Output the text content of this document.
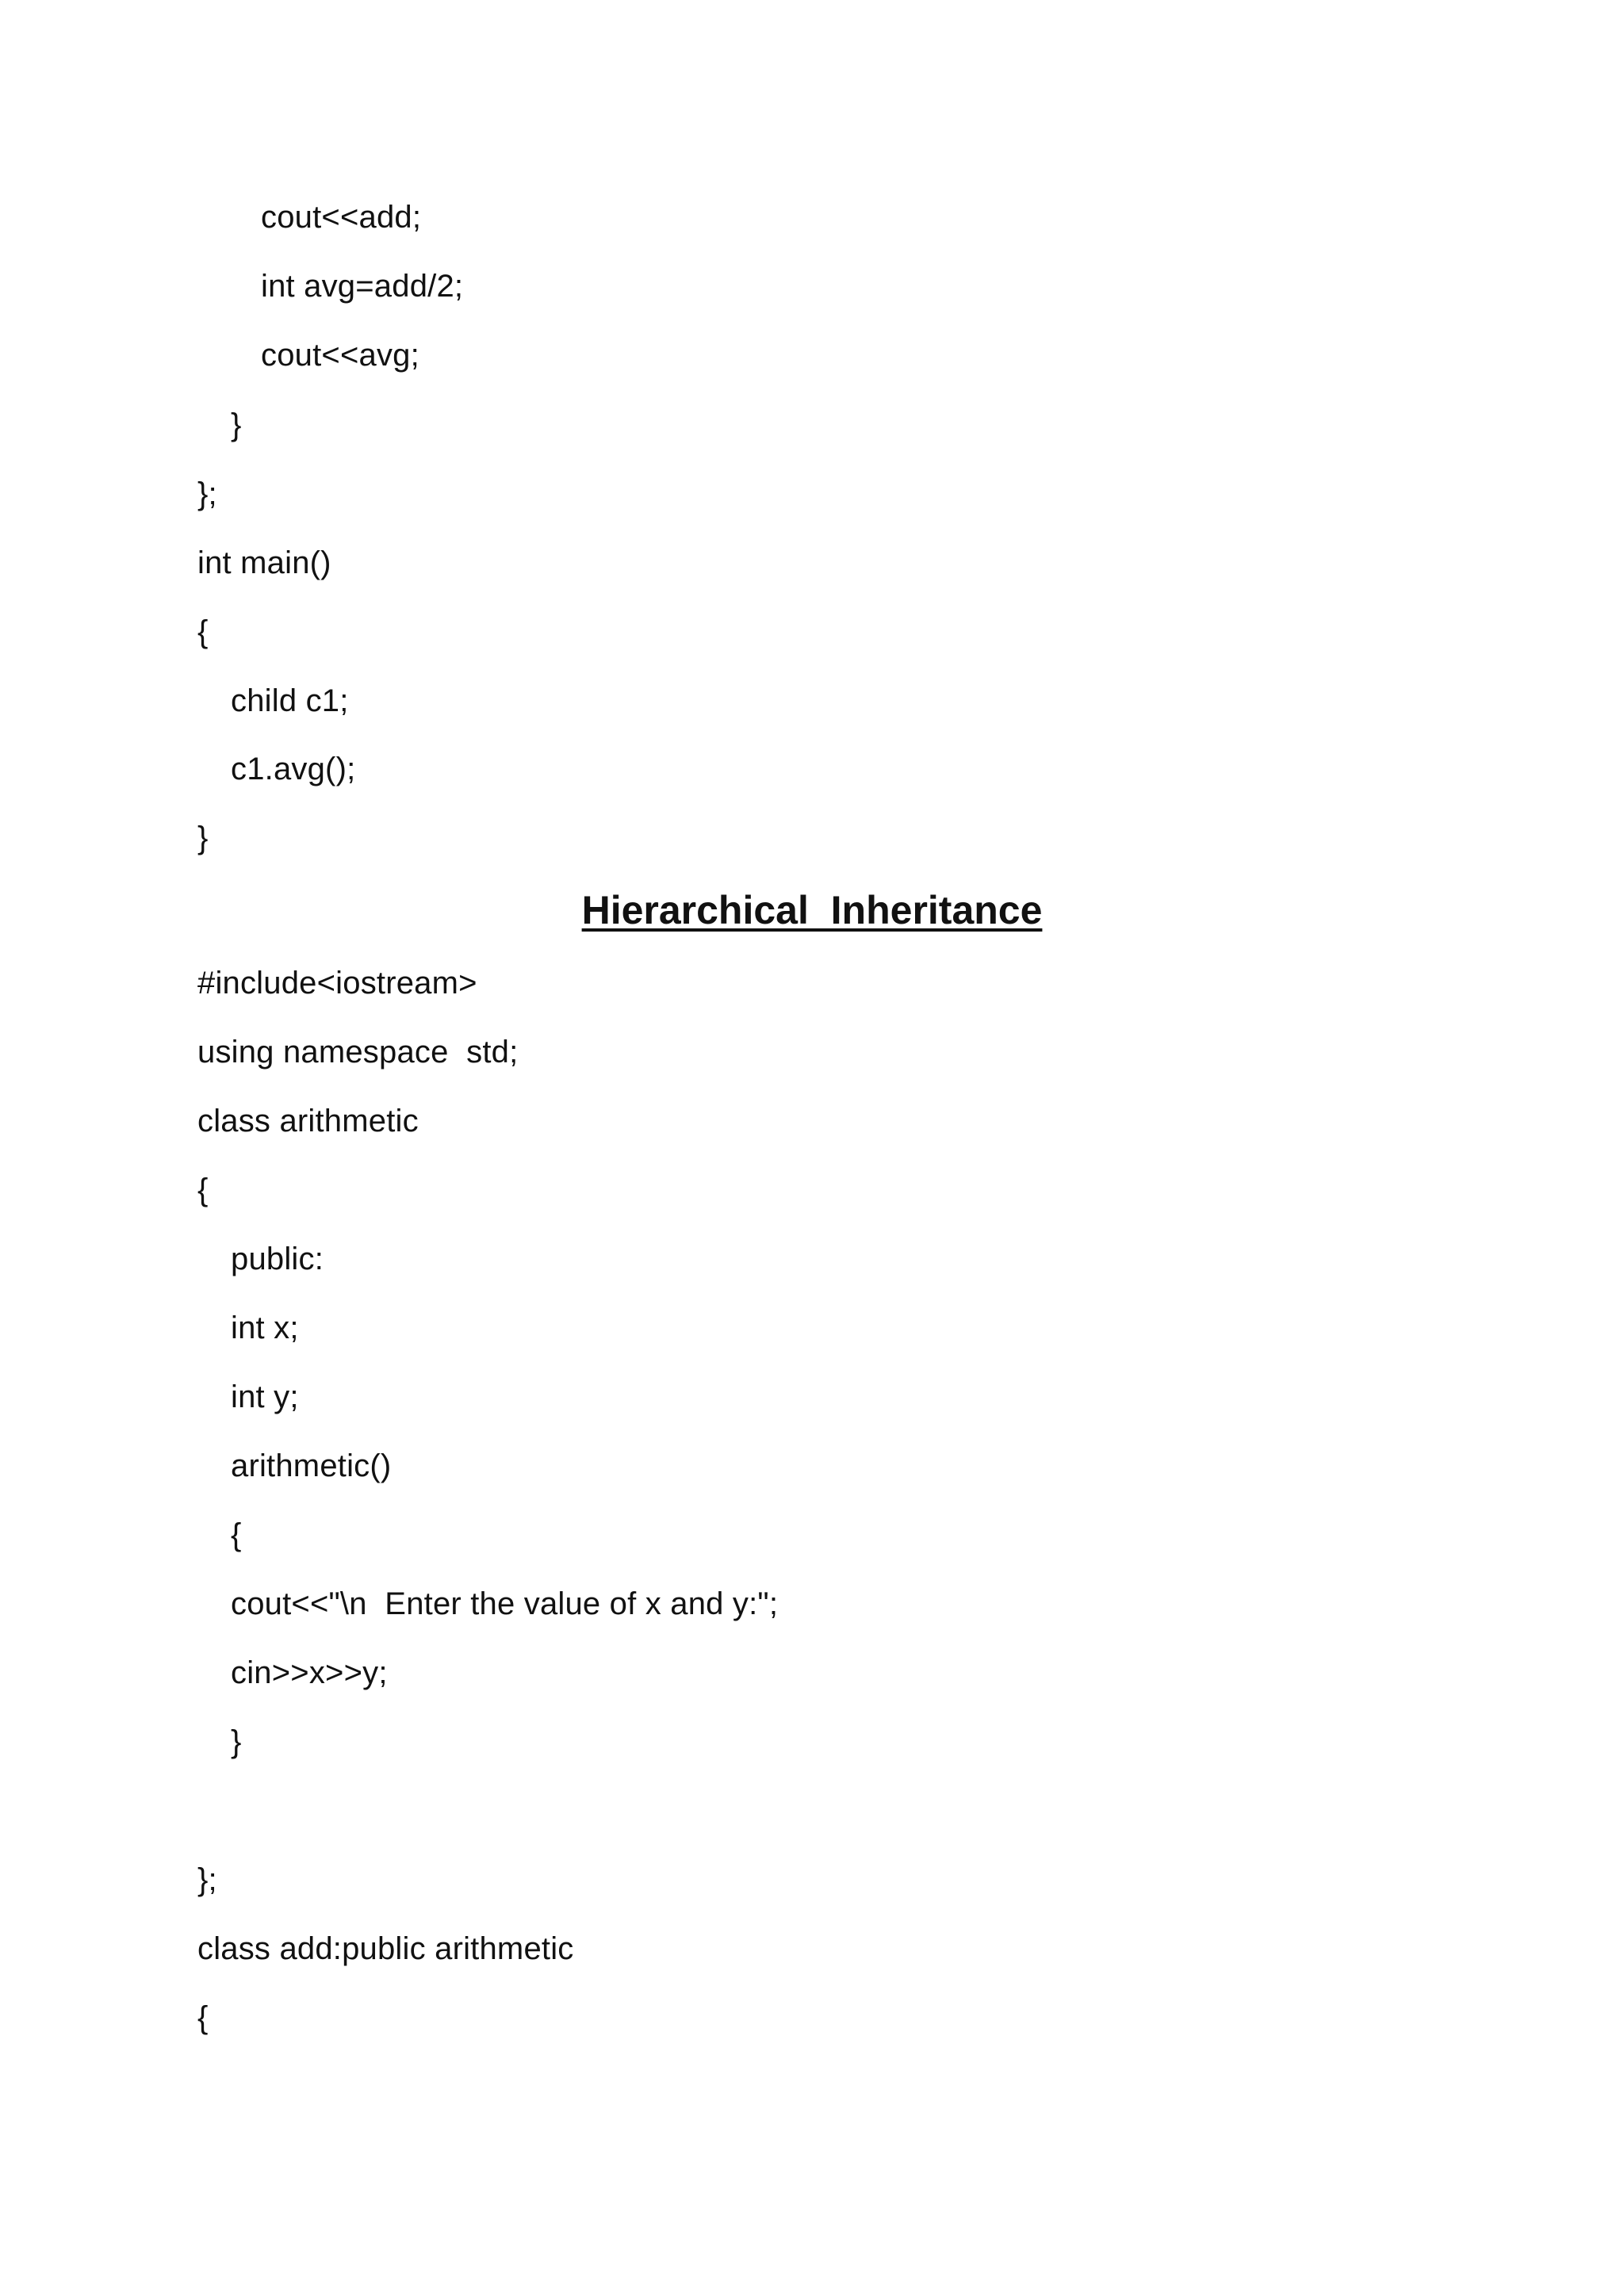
cout<<add;
int avg=add/2;
cout<<avg;
}
};
int main()
{
child c1;
c1.avg();
}
Hierarchical  Inheritance
#include<iostream>
using namespace  std;
class arithmetic
{
public:
int x;
int y;
arithmetic()
{
cout<<"\n  Enter the value of x and y:";
cin>>x>>y;
}
};
class add:public arithmetic
{
